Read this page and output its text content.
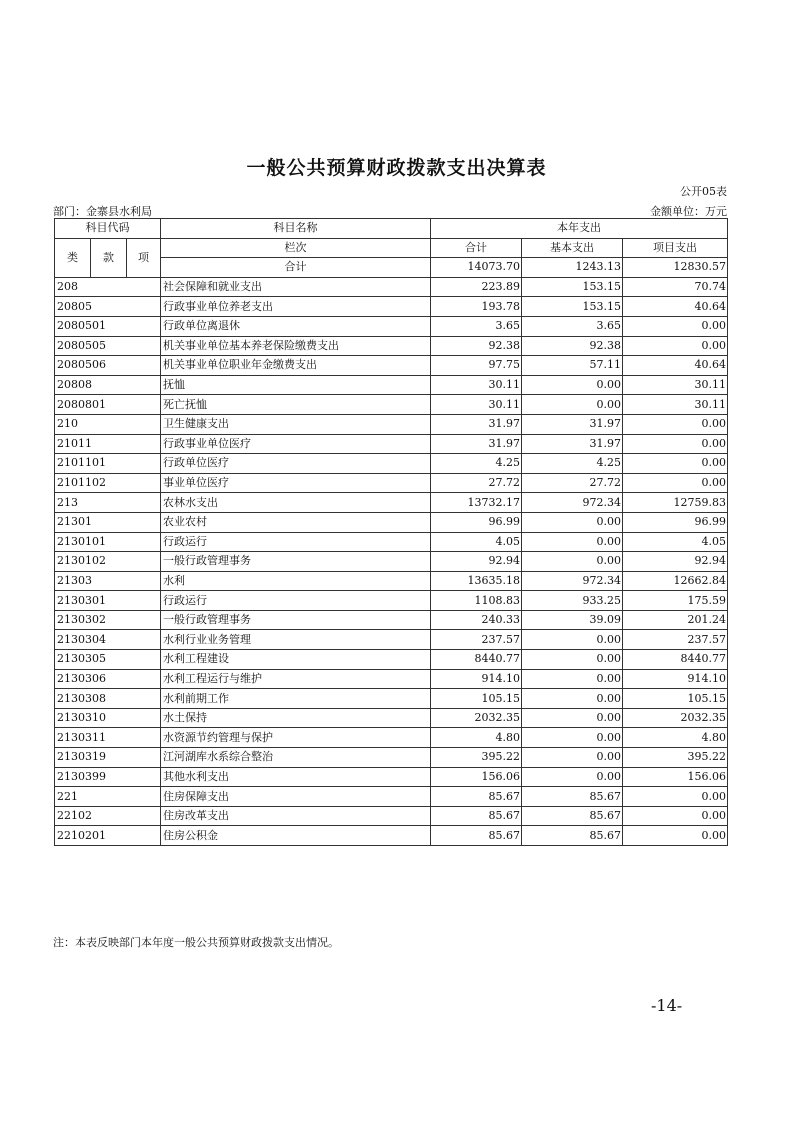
一般公共预算财政拨款支出决算表
公开05表
部门：金寨县水利局	金额单位：万元
科目代码			科目名称	本年支出			
				合计	基本支出	项目支出	
类	款	项	栏次			
			合计	14073.70	1243.13	12830.57	
208			社会保障和就业支出	223.89	153.15	70.74	
20805			行政事业单位养老支出	193.78	153.15	40.64	
2080501			行政单位离退休	3.65	3.65	0.00	
2080505			机关事业单位基本养老保险缴费支出	92.38	92.38	0.00	
2080506			机关事业单位职业年金缴费支出	97.75	57.11	40.64	
20808			抚恤	30.11	0.00	30.11	
2080801			死亡抚恤	30.11	0.00	30.11	
210			卫生健康支出	31.97	31.97	0.00	
21011			行政事业单位医疗	31.97	31.97	0.00	
2101101			行政单位医疗	4.25	4.25	0.00	
2101102			事业单位医疗	27.72	27.72	0.00	
213			农林水支出	13732.17	972.34	12759.83	
21301			农业农村	96.99	0.00	96.99	
2130101			行政运行	4.05	0.00	4.05	
2130102			一般行政管理事务	92.94	0.00	92.94	
21303			水利	13635.18	972.34	12662.84	
2130301			行政运行	1108.83	933.25	175.59	
2130302			一般行政管理事务	240.33	39.09	201.24	
2130304			水利行业业务管理	237.57	0.00	237.57	
2130305			水利工程建设	8440.77	0.00	8440.77	
2130306			水利工程运行与维护	914.10	0.00	914.10	
2130308			水利前期工作	105.15	0.00	105.15	
2130310			水土保持	2032.35	0.00	2032.35	
2130311			水资源节约管理与保护	4.80	0.00	4.80	
2130319			江河湖库水系综合整治	395.22	0.00	395.22	
2130399			其他水利支出	156.06	0.00	156.06	
221			住房保障支出	85.67	85.67	0.00	
22102			住房改革支出	85.67	85.67	0.00	
2210201			住房公积金	85.67	85.67	0.00	
注：本表反映部门本年度一般公共预算财政拨款支出情况。
-14-
